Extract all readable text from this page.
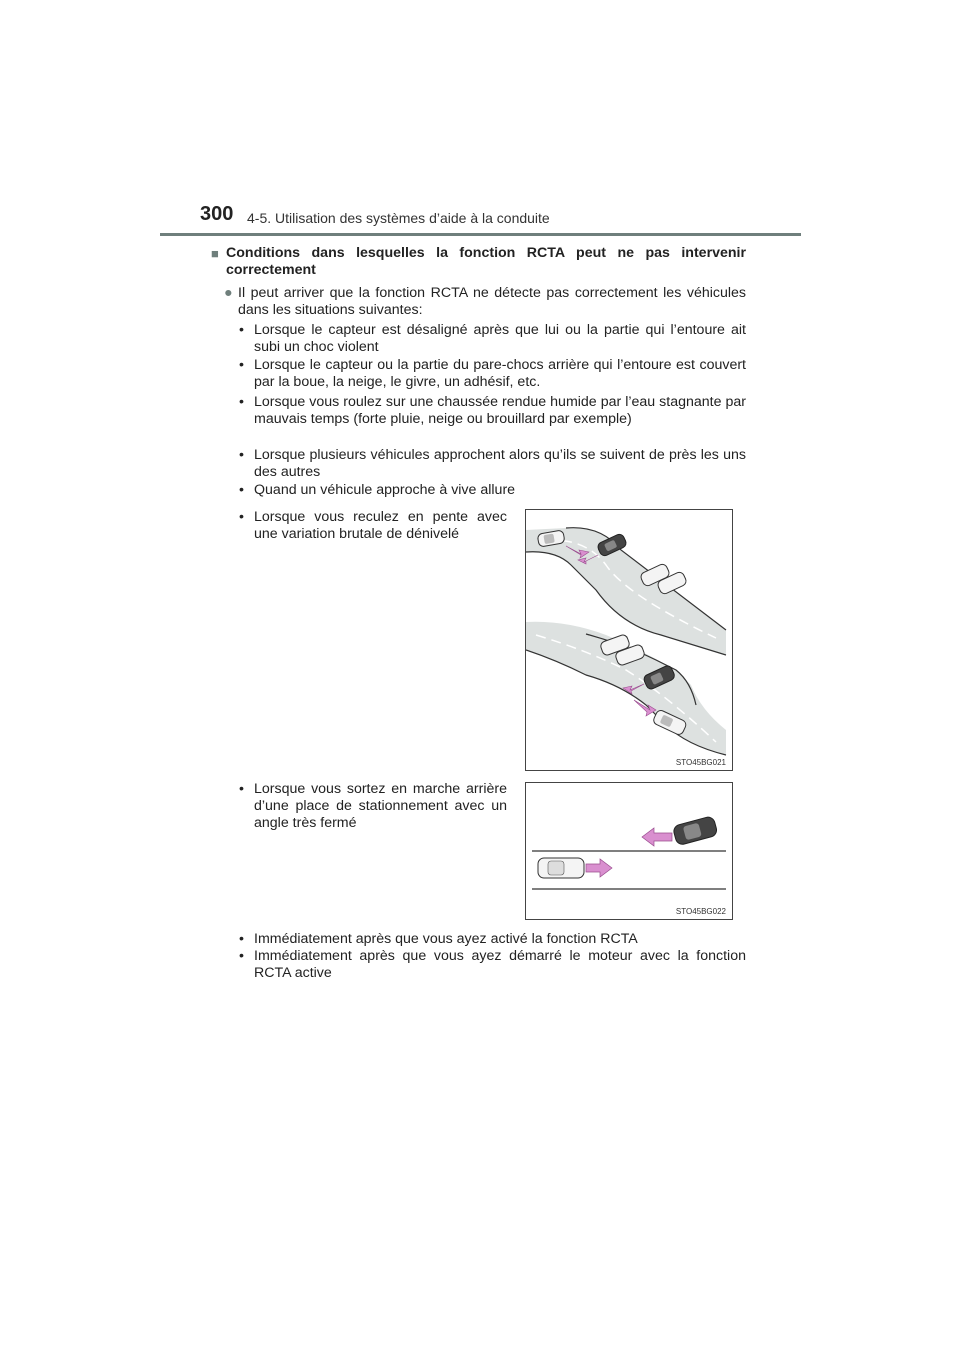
300 4-5. Utilisation des systèmes d’aide à la conduite
■ Conditions dans lesquelles la fonction RCTA peut ne pas intervenir correctement
● Il peut arriver que la fonction RCTA ne détecte pas correctement les véhicules dans les situations suivantes:
• Lorsque le capteur est désaligné après que lui ou la partie qui l’entoure ait subi un choc violent
• Lorsque le capteur ou la partie du pare-chocs arrière qui l’entoure est couvert par la boue, la neige, le givre, un adhésif, etc.
• Lorsque vous roulez sur une chaussée rendue humide par l’eau stagnante par mauvais temps (forte pluie, neige ou brouillard par exemple)
• Lorsque plusieurs véhicules approchent alors qu’ils se suivent de près les uns des autres
• Quand un véhicule approche à vive allure
• Lorsque vous reculez en pente avec une variation brutale de dénivelé
STO45BG021
• Lorsque vous sortez en marche arrière d’une place de stationnement avec un angle très fermé
STO45BG022
• Immédiatement après que vous ayez activé la fonction RCTA
• Immédiatement après que vous ayez démarré le moteur avec la fonction RCTA active
